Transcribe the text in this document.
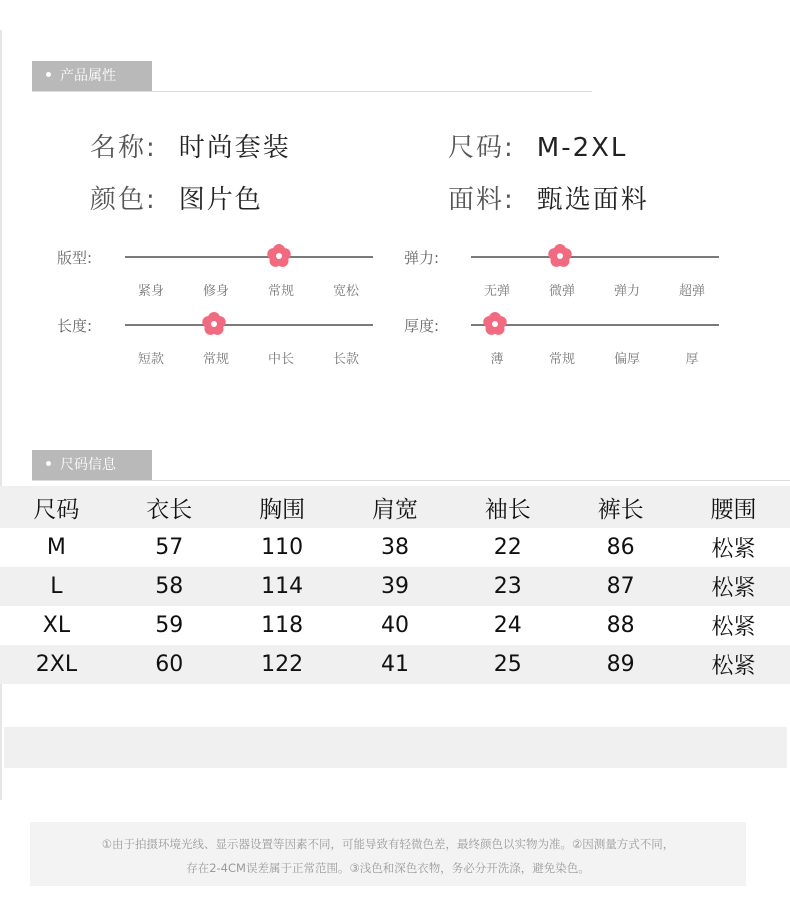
产品属性
名称: 时尚套装	尺码: M-2XL
颜色: 图片色	面料: 甄选面料
版型:
紧身	修身	常规	宽松
弹力:
无弹	微弹	弹力	超弹
长度:
短款	常规	中长	长款
厚度:
薄	常规	偏厚	厚
尺码信息
尺码	衣长	胸围	肩宽	袖长	裤长	腰围
M	57	110	38	22	86	松紧
L	58	114	39	23	87	松紧
XL	59	118	40	24	88	松紧
2XL	60	122	41	25	89	松紧
①由于拍摄环境光线、显示器设置等因素不同，可能导致有轻微色差，最终颜色以实物为准。②因测量方式不同，
存在2-4CM误差属于正常范围。③浅色和深色衣物，务必分开洗涤，避免染色。
